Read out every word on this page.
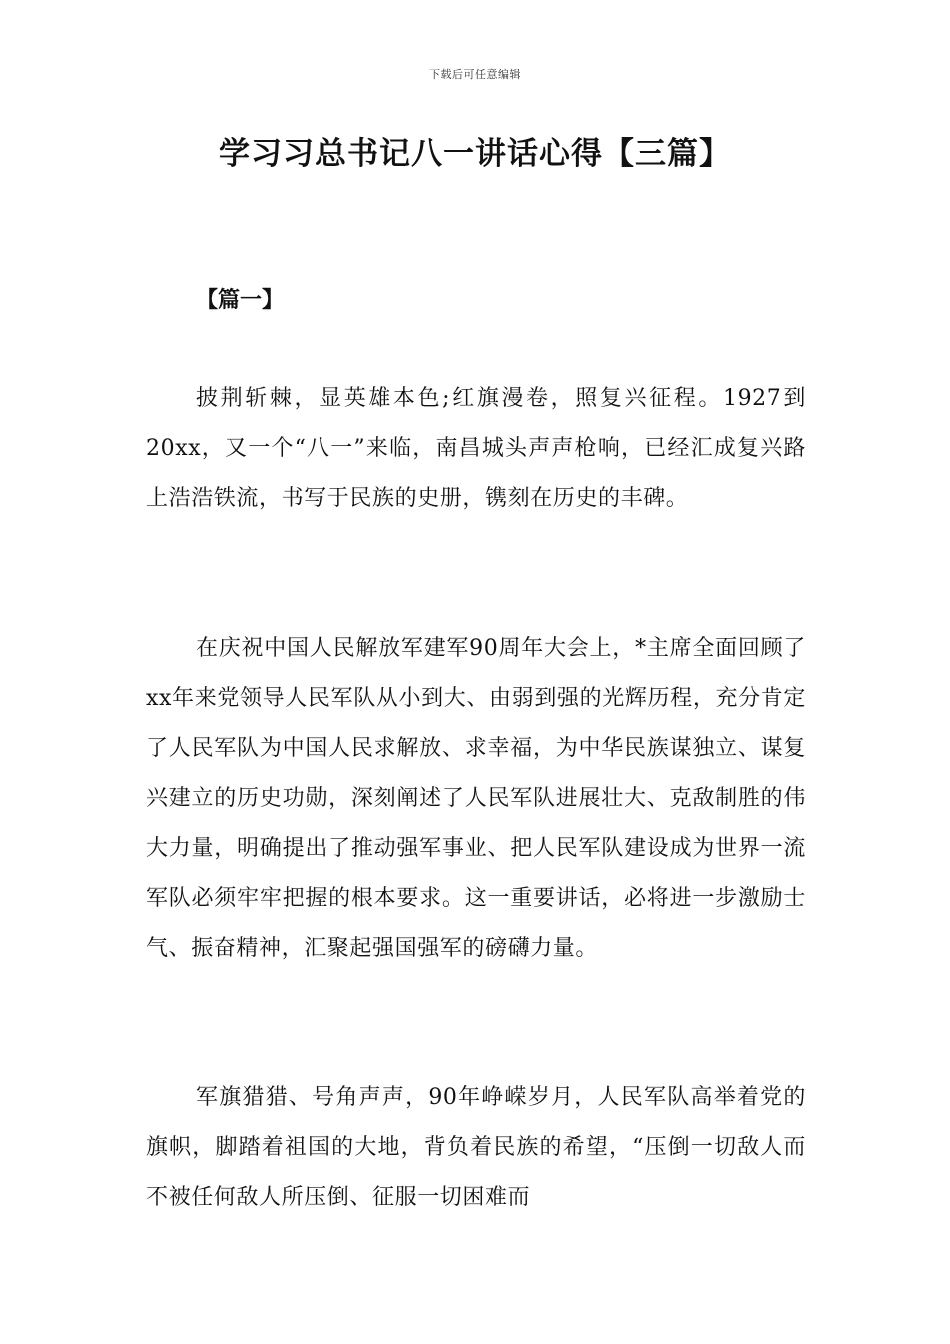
下载后可任意编辑
学习习总书记八一讲话心得【三篇】
【篇一】

披荆斩棘，显英雄本色;红旗漫卷，照复兴征程。1927到20xx，又一个“八一”来临，南昌城头声声枪响，已经汇成复兴路上浩浩铁流，书写于民族的史册，镌刻在历史的丰碑。

在庆祝中国人民解放军建军90周年大会上，*主席全面回顾了xx年来党领导人民军队从小到大、由弱到强的光辉历程，充分肯定了人民军队为中国人民求解放、求幸福，为中华民族谋独立、谋复兴建立的历史功勋，深刻阐述了人民军队进展壮大、克敌制胜的伟大力量，明确提出了推动强军事业、把人民军队建设成为世界一流军队必须牢牢把握的根本要求。这一重要讲话，必将进一步激励士气、振奋精神，汇聚起强国强军的磅礴力量。

军旗猎猎、号角声声，90年峥嵘岁月，人民军队高举着党的旗帜，脚踏着祖国的大地，背负着民族的希望，“压倒一切敌人而不被任何敌人所压倒、征服一切困难而
